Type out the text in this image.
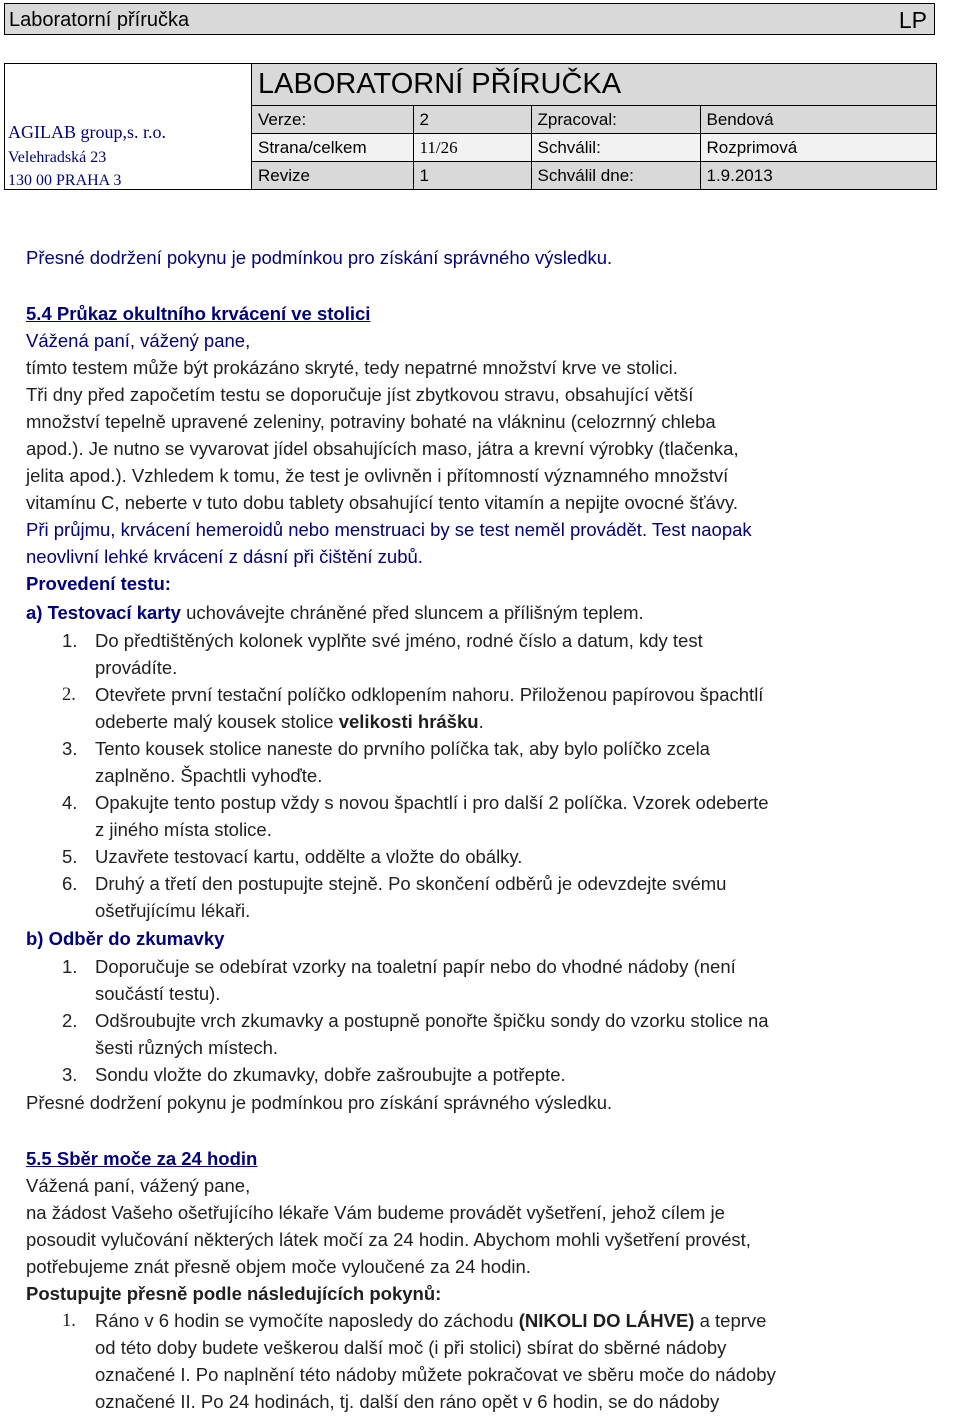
Laboratorní příručka	LP
AGILAB group,s. r.o.
Velehradská 23
130 00 PRAHA 3
LABORATORNÍ PŘÍRUČKA
Verze:	2	Zpracoval:	Bendová
Strana/celkem	11/26	Schválil:	Rozprimová
Revize	1	Schválil dne:	1.9.2013
Přesné dodržení pokynu je podmínkou pro získání správného výsledku.
5.4 Průkaz okultního krvácení ve stolici
Vážená paní, vážený pane,
tímto testem může být prokázáno skryté, tedy nepatrné množství krve ve stolici.
Tři dny před započetím testu se doporučuje jíst zbytkovou stravu, obsahující větší
množství tepelně upravené zeleniny, potraviny bohaté na vlákninu (celozrnný chleba
apod.). Je nutno se vyvarovat jídel obsahujících maso, játra a krevní výrobky (tlačenka,
jelita apod.). Vzhledem k tomu, že test je ovlivněn i přítomností významného množství
vitamínu C, neberte v tuto dobu tablety obsahující tento vitamín a nepijte ovocné šťávy.
Při průjmu, krvácení hemeroidů nebo menstruaci by se test neměl provádět. Test naopak
neovlivní lehké krvácení z dásní při čištění zubů.
Provedení testu:
a) Testovací karty uchovávejte chráněné před sluncem a přílišným teplem.
1. Do předtištěných kolonek vyplňte své jméno, rodné číslo a datum, kdy test
provádíte.
2. Otevřete první testační políčko odklopením nahoru. Přiloženou papírovou špachtlí
odeberte malý kousek stolice velikosti hrášku.
3. Tento kousek stolice naneste do prvního políčka tak, aby bylo políčko zcela
zaplněno. Špachtli vyhoďte.
4. Opakujte tento postup vždy s novou špachtlí i pro další 2 políčka. Vzorek odeberte
z jiného místa stolice.
5. Uzavřete testovací kartu, oddělte a vložte do obálky.
6. Druhý a třetí den postupujte stejně. Po skončení odběrů je odevzdejte svému
ošetřujícímu lékaři.
b) Odběr do zkumavky
1. Doporučuje se odebírat vzorky na toaletní papír nebo do vhodné nádoby (není
součástí testu).
2. Odšroubujte vrch zkumavky a postupně ponořte špičku sondy do vzorku stolice na
šesti různých místech.
3. Sondu vložte do zkumavky, dobře zašroubujte a potřepte.
Přesné dodržení pokynu je podmínkou pro získání správného výsledku.
5.5 Sběr moče za 24 hodin
Vážená paní, vážený pane,
na žádost Vašeho ošetřujícího lékaře Vám budeme provádět vyšetření, jehož cílem je
posoudit vylučování některých látek močí za 24 hodin. Abychom mohli vyšetření provést,
potřebujeme znát přesně objem moče vyloučené za 24 hodin.
Postupujte přesně podle následujících pokynů:
1. Ráno v 6 hodin se vymočíte naposledy do záchodu (NIKOLI DO LÁHVE) a teprve
od této doby budete veškerou další moč (i při stolici) sbírat do sběrné nádoby
označené I. Po naplnění této nádoby můžete pokračovat ve sběru moče do nádoby
označené II. Po 24 hodinách, tj. další den ráno opět v 6 hodin, se do nádoby
